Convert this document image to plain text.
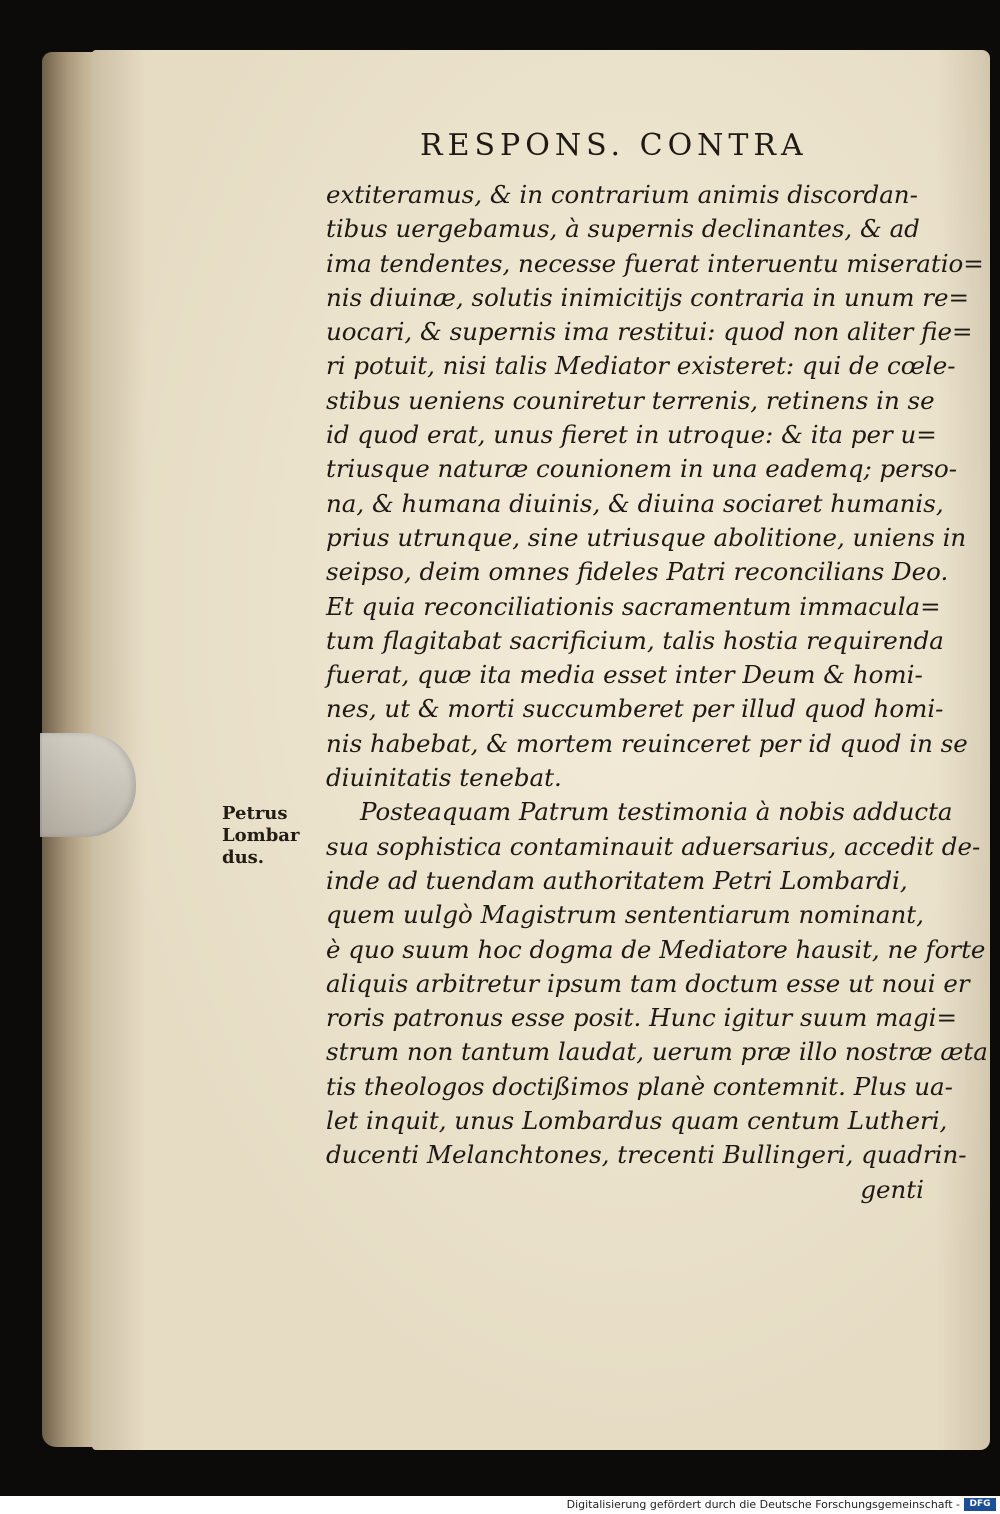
RESPONS. CONTRA
extiteramus, & in contrarium animis discordan-
tibus uergebamus, à supernis declinantes, & ad
ima tendentes, necesse fuerat interuentu miseratio=
nis diuinæ, solutis inimicitijs contraria in unum re=
uocari, & supernis ima restitui: quod non aliter fie=
ri potuit, nisi talis Mediator existeret: qui de cœle-
stibus ueniens couniretur terrenis, retinens in se
id quod erat, unus fieret in utroque: & ita per u=
triusque naturæ counionem in una eademq; perso-
na, & humana diuinis, & diuina sociaret humanis,
prius utrunque, sine utriusque abolitione, uniens in
seipso, deim omnes fideles Patri reconcilians Deo.
Et quia reconciliationis sacramentum immacula=
tum flagitabat sacrificium, talis hostia requirenda
fuerat, quæ ita media esset inter Deum & homi-
nes, ut & morti succumberet per illud quod homi-
nis habebat, & mortem reuinceret per id quod in se
diuinitatis tenebat.
Posteaquam Patrum testimonia à nobis adducta
sua sophistica contaminauit aduersarius, accedit de-
inde ad tuendam authoritatem Petri Lombardi,
quem uulgò Magistrum sententiarum nominant,
è quo suum hoc dogma de Mediatore hausit, ne forte
aliquis arbitretur ipsum tam doctum esse ut noui er
roris patronus esse posit. Hunc igitur suum magi=
strum non tantum laudat, uerum præ illo nostræ æta
tis theologos doctißimos planè contemnit. Plus ua-
let inquit, unus Lombardus quam centum Lutheri,
ducenti Melanchtones, trecenti Bullingeri, quadrin-
genti
Petrus
Lombar
dus.
Digitalisierung gefördert durch die Deutsche Forschungsgemeinschaft -	DFG
